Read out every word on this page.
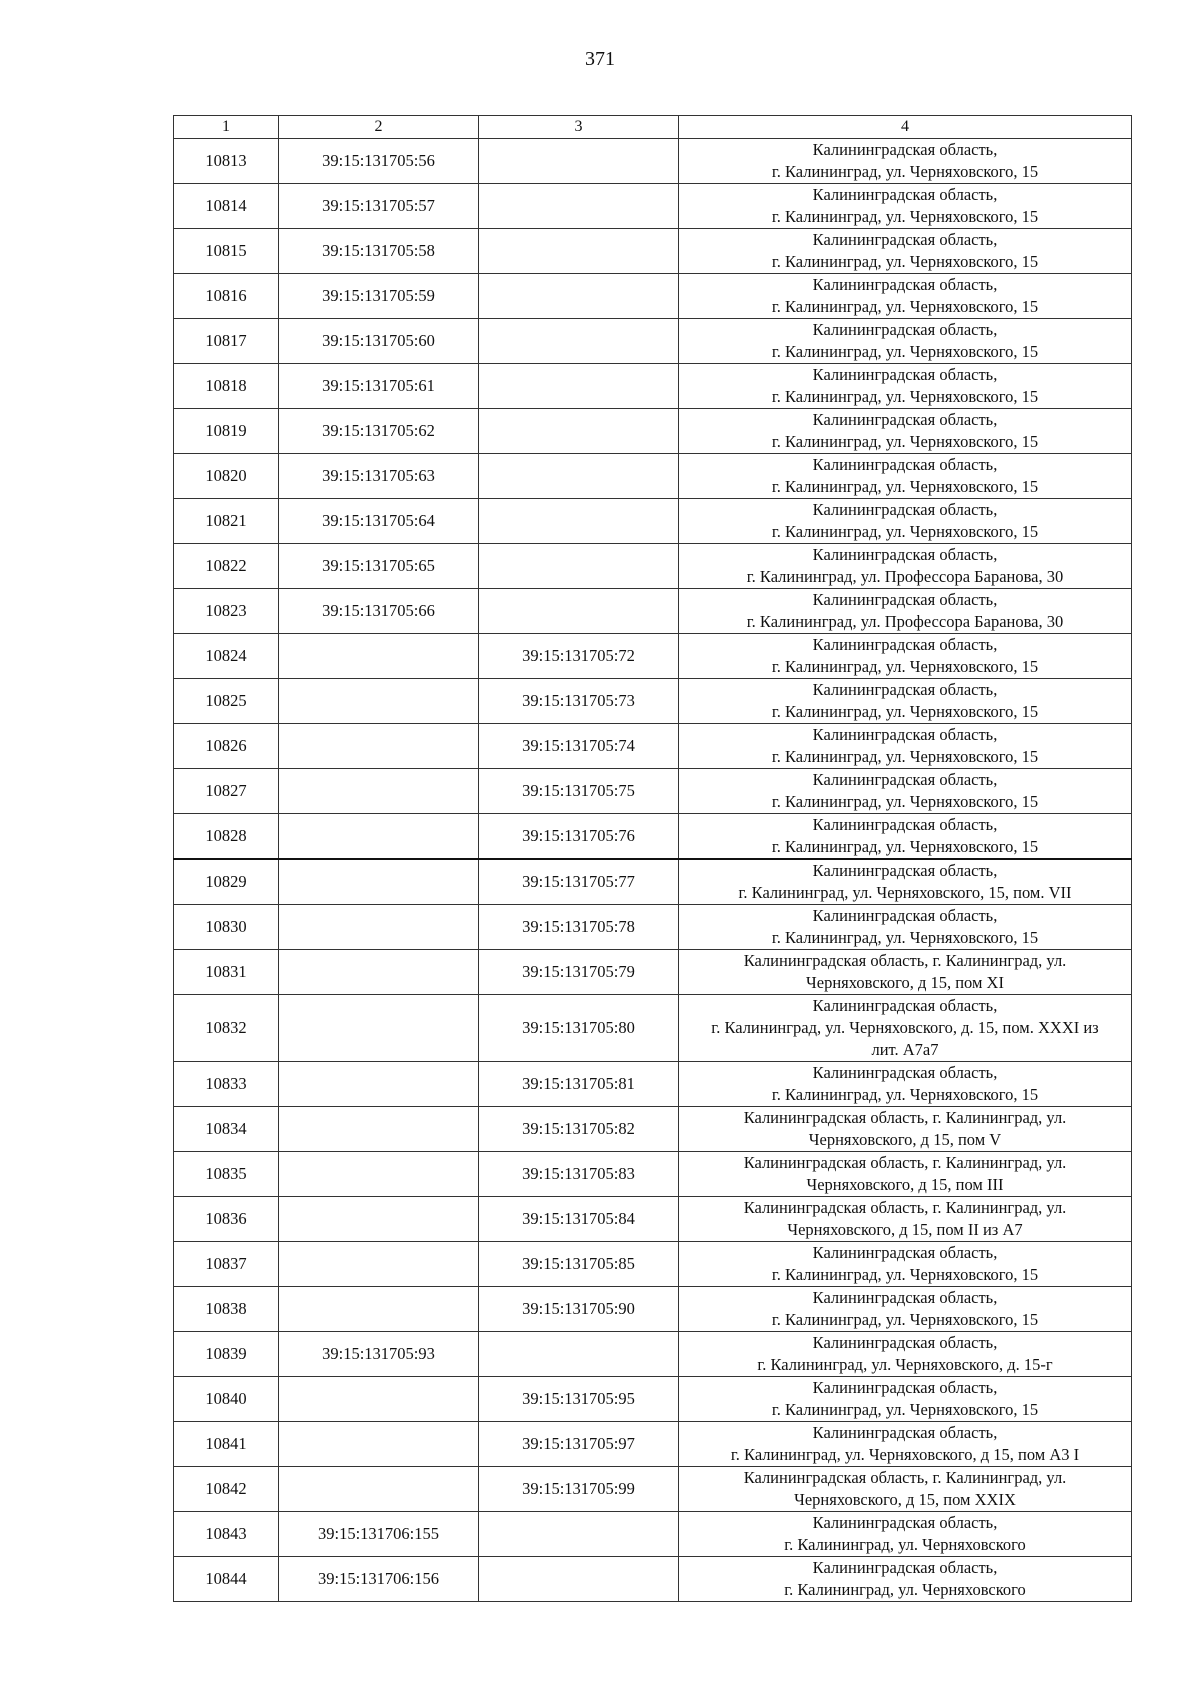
371
1	2	3	4
10813	39:15:131705:56		Калининградская область,
г. Калининград, ул. Черняховского, 15

10814	39:15:131705:57		Калининградская область,
г. Калининград, ул. Черняховского, 15

10815	39:15:131705:58		Калининградская область,
г. Калининград, ул. Черняховского, 15

10816	39:15:131705:59		Калининградская область,
г. Калининград, ул. Черняховского, 15

10817	39:15:131705:60		Калининградская область,
г. Калининград, ул. Черняховского, 15

10818	39:15:131705:61		Калининградская область,
г. Калининград, ул. Черняховского, 15

10819	39:15:131705:62		Калининградская область,
г. Калининград, ул. Черняховского, 15

10820	39:15:131705:63		Калининградская область,
г. Калининград, ул. Черняховского, 15

10821	39:15:131705:64		Калининградская область,
г. Калининград, ул. Черняховского, 15

10822	39:15:131705:65		Калининградская область,
г. Калининград, ул. Профессора Баранова, 30

10823	39:15:131705:66		Калининградская область,
г. Калининград, ул. Профессора Баранова, 30

10824		39:15:131705:72	Калининградская область,
г. Калининград, ул. Черняховского, 15

10825		39:15:131705:73	Калининградская область,
г. Калининград, ул. Черняховского, 15

10826		39:15:131705:74	Калининградская область,
г. Калининград, ул. Черняховского, 15

10827		39:15:131705:75	Калининградская область,
г. Калининград, ул. Черняховского, 15

10828		39:15:131705:76	Калининградская область,
г. Калининград, ул. Черняховского, 15

10829		39:15:131705:77	Калининградская область,
г. Калининград, ул. Черняховского, 15, пом. VII

10830		39:15:131705:78	Калининградская область,
г. Калининград, ул. Черняховского, 15

10831		39:15:131705:79	Калининградская область, г. Калининград, ул.
Черняховского, д 15, пом XI

10832		39:15:131705:80	Калининградская область,
г. Калининград, ул. Черняховского, д. 15, пом. XXXI из
лит. А7а7

10833		39:15:131705:81	Калининградская область,
г. Калининград, ул. Черняховского, 15

10834		39:15:131705:82	Калининградская область, г. Калининград, ул.
Черняховского, д 15, пом V

10835		39:15:131705:83	Калининградская область, г. Калининград, ул.
Черняховского, д 15, пом III

10836		39:15:131705:84	Калининградская область, г. Калининград, ул.
Черняховского, д 15, пом II из А7

10837		39:15:131705:85	Калининградская область,
г. Калининград, ул. Черняховского, 15

10838		39:15:131705:90	Калининградская область,
г. Калининград, ул. Черняховского, 15

10839	39:15:131705:93		Калининградская область,
г. Калининград, ул. Черняховского, д. 15-г

10840		39:15:131705:95	Калининградская область,
г. Калининград, ул. Черняховского, 15

10841		39:15:131705:97	Калининградская область,
г. Калининград, ул. Черняховского, д 15, пом А3 I

10842		39:15:131705:99	Калининградская область, г. Калининград, ул.
Черняховского, д 15, пом XXIX

10843	39:15:131706:155		Калининградская область,
г. Калининград, ул. Черняховского

10844	39:15:131706:156		Калининградская область,
г. Калининград, ул. Черняховского
